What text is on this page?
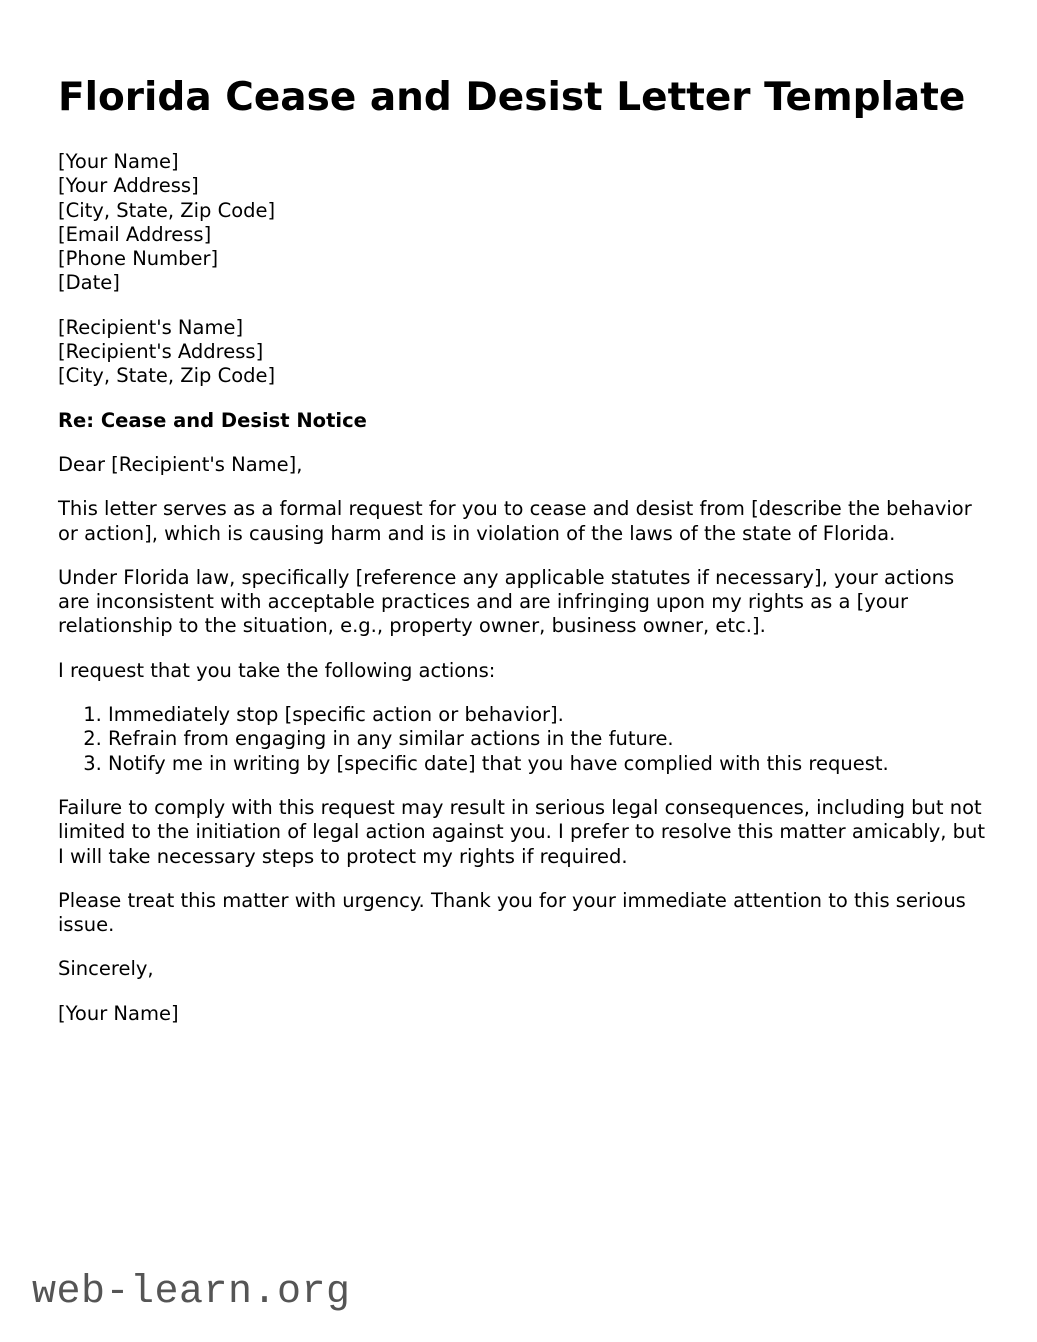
Florida Cease and Desist Letter Template
[Your Name]
[Your Address]
[City, State, Zip Code]
[Email Address]
[Phone Number]
[Date]
[Recipient's Name]
[Recipient's Address]
[City, State, Zip Code]

Re: Cease and Desist Notice

Dear [Recipient's Name],

This letter serves as a formal request for you to cease and desist from [describe the behavior or action], which is causing harm and is in violation of the laws of the state of Florida.

Under Florida law, specifically [reference any applicable statutes if necessary], your actions are inconsistent with acceptable practices and are infringing upon my rights as a [your relationship to the situation, e.g., property owner, business owner, etc.].

I request that you take the following actions:

1. Immediately stop [specific action or behavior].
2. Refrain from engaging in any similar actions in the future.
3. Notify me in writing by [specific date] that you have complied with this request.

Failure to comply with this request may result in serious legal consequences, including but not limited to the initiation of legal action against you. I prefer to resolve this matter amicably, but I will take necessary steps to protect my rights if required.

Please treat this matter with urgency. Thank you for your immediate attention to this serious issue.

Sincerely,

[Your Name]

web-learn.org
